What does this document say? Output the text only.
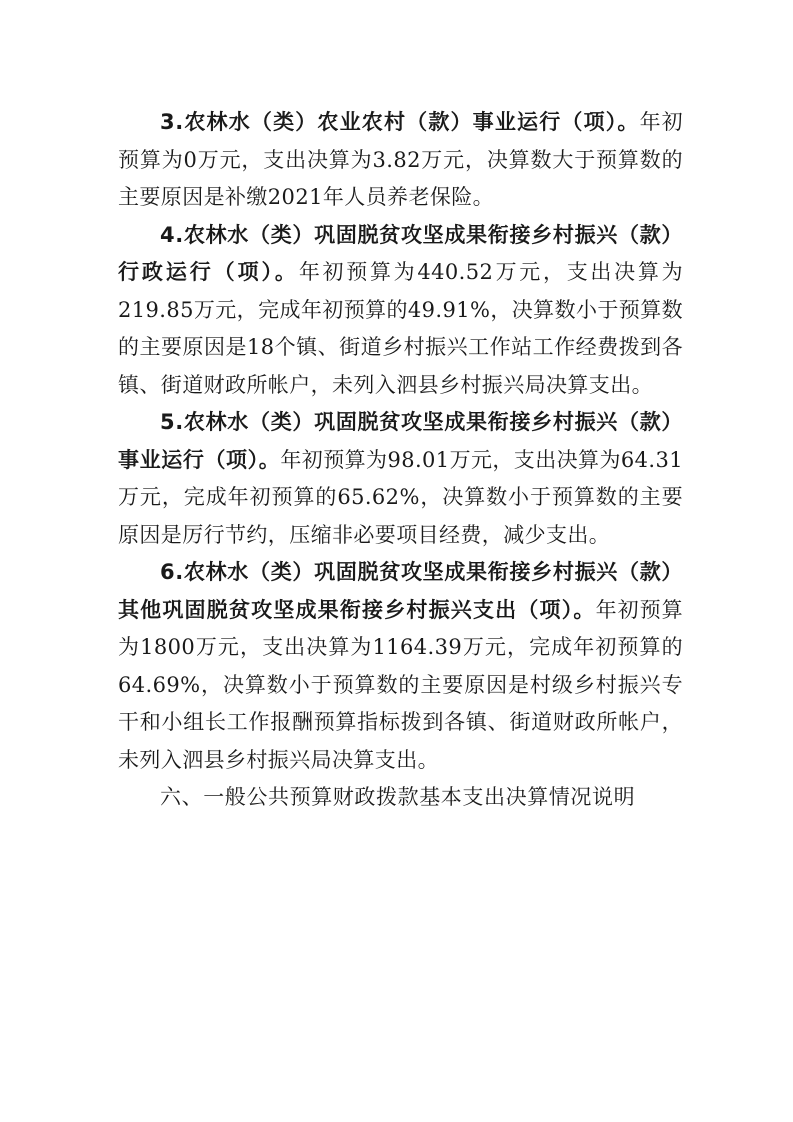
3.农林水（类）农业农村（款）事业运行（项）。年初预算为0万元，支出决算为3.82万元，决算数大于预算数的主要原因是补缴2021年人员养老保险。

4.农林水（类）巩固脱贫攻坚成果衔接乡村振兴（款）行政运行（项）。年初预算为440.52万元，支出决算为219.85万元，完成年初预算的49.91%，决算数小于预算数的主要原因是18个镇、街道乡村振兴工作站工作经费拨到各镇、街道财政所帐户，未列入泗县乡村振兴局决算支出。

5.农林水（类）巩固脱贫攻坚成果衔接乡村振兴（款）事业运行（项）。年初预算为98.01万元，支出决算为64.31万元，完成年初预算的65.62%，决算数小于预算数的主要原因是厉行节约，压缩非必要项目经费，减少支出。

6.农林水（类）巩固脱贫攻坚成果衔接乡村振兴（款）其他巩固脱贫攻坚成果衔接乡村振兴支出（项）。年初预算为1800万元，支出决算为1164.39万元，完成年初预算的64.69%，决算数小于预算数的主要原因是村级乡村振兴专干和小组长工作报酬预算指标拨到各镇、街道财政所帐户，未列入泗县乡村振兴局决算支出。

六、一般公共预算财政拨款基本支出决算情况说明
